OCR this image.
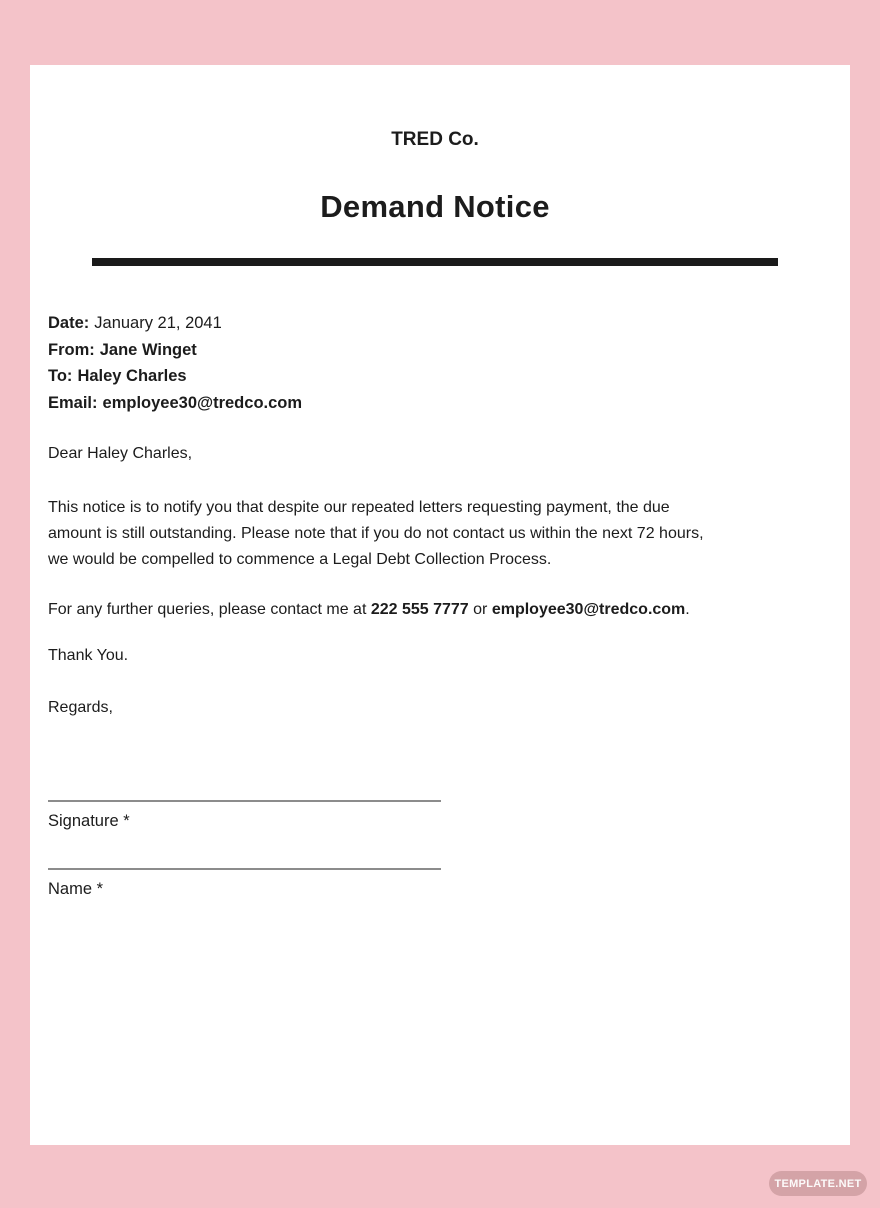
TRED Co.
Demand Notice
Date: January 21, 2041
From: Jane Winget
To: Haley Charles
Email: employee30@tredco.com
Dear Haley Charles,
This notice is to notify you that despite our repeated letters requesting payment, the due
amount is still outstanding. Please note that if you do not contact us within the next 72 hours,
we would be compelled to commence a Legal Debt Collection Process.
For any further queries, please contact me at 222 555 7777 or employee30@tredco.com.
Thank You.
Regards,
Signature *
Name *
TEMPLATE.NET
